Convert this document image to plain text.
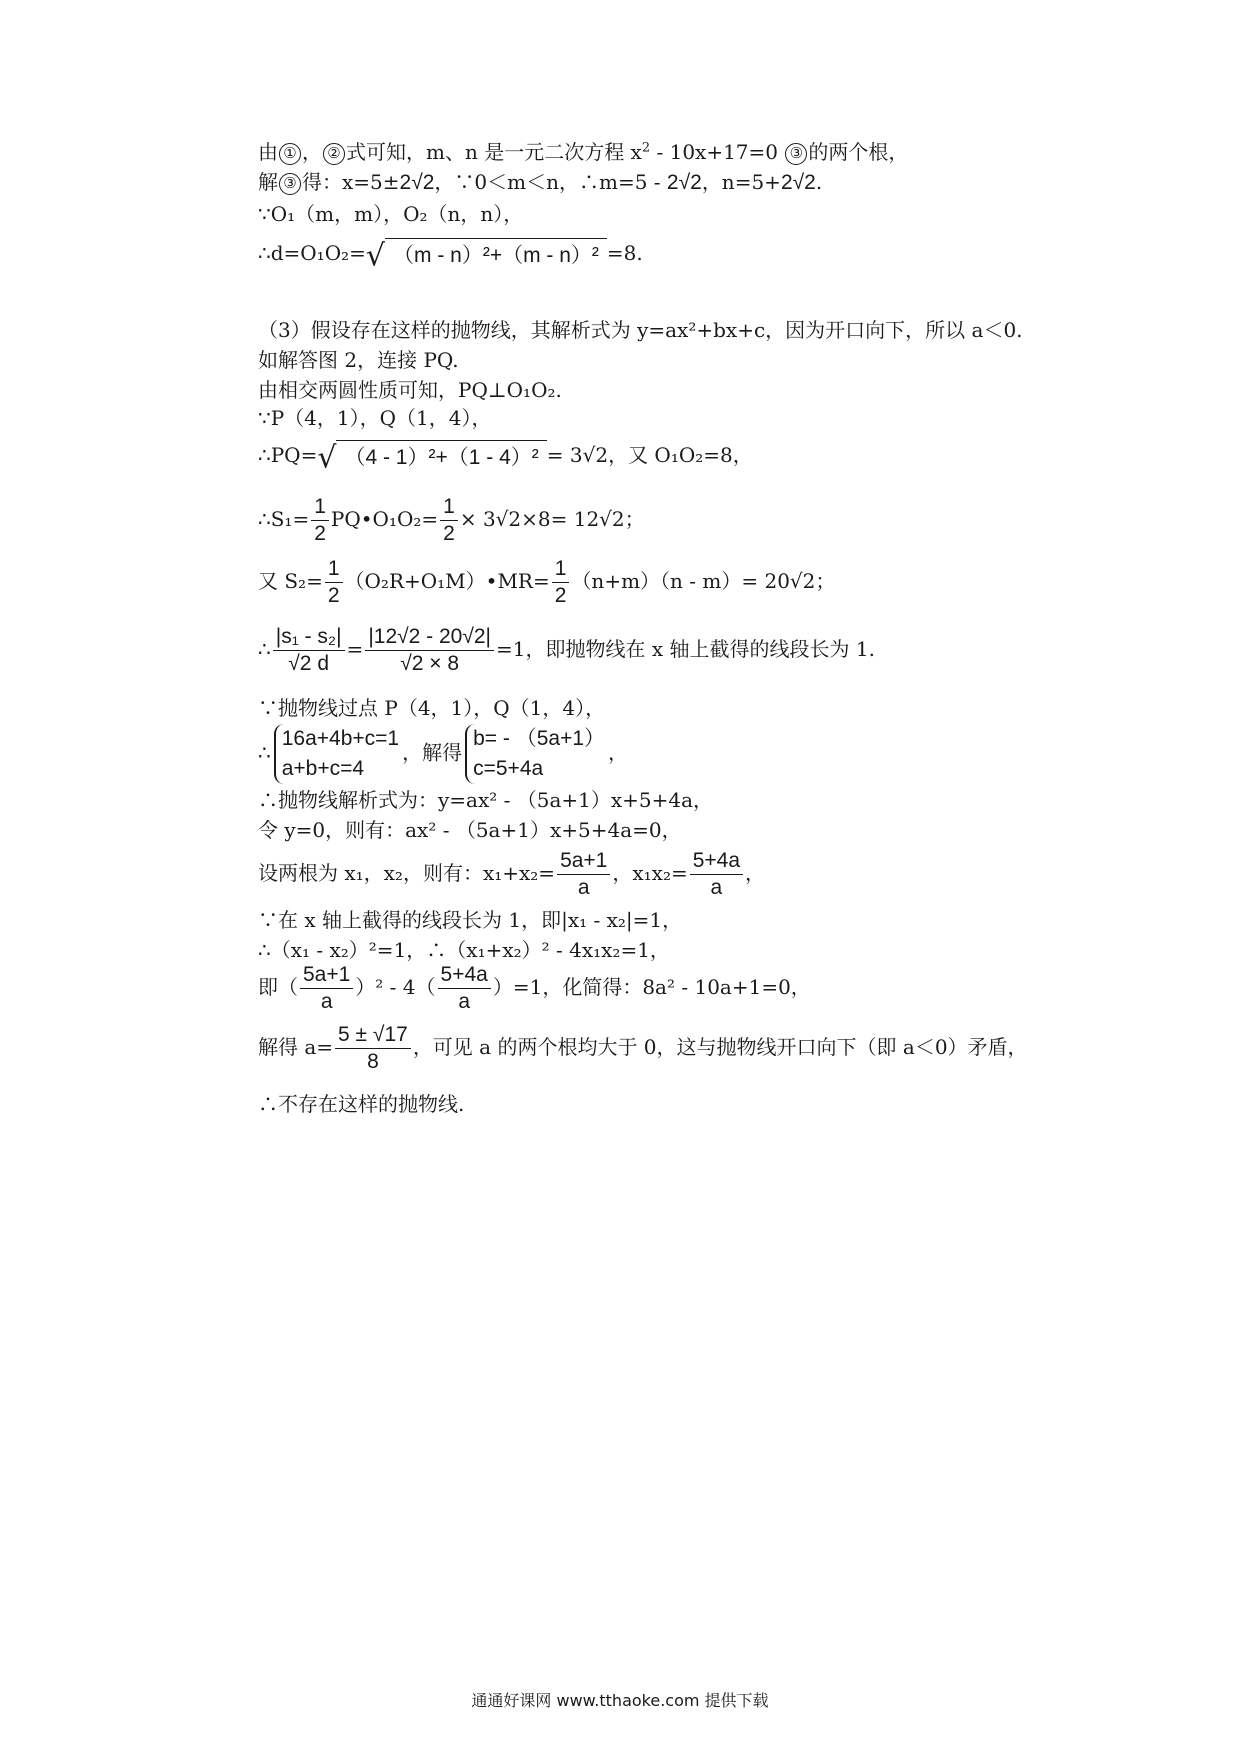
由 ① ， ② 式可知，m、n 是一元二次方程 $x^2 - 10x+17=0$ ③ 的两个根，
解 ③ 得：x=5±2√2，∵0＜m＜n，∴m=5 - 2√2，n=5+2√2.
∵O₁（m，m），O₂（n，n），
∴d=O₁O₂=√ （m - n）²+（m - n）² =8.
（3）假设存在这样的抛物线，其解析式为 y=ax²+bx+c，因为开口向下，所以 a＜0.
如解答图 2，连接 PQ.
由相交两圆性质可知，PQ⊥O₁O₂.
∵P（4，1），Q（1，4），
∴PQ=√ （4 - 1）²+（1 - 4）² = 3√2，又 O₁O₂=8，
∴S₁= $\frac{1}{2}$ PQ•O₁O₂= $\frac{1}{2} \times 3√2\times 8= 12√2$；
又 $S_2= \frac{1}{2}$ （O₂R+O₁M）•MR= $\frac{1}{2} (n+m)(n - m)= 20√2$；
∴ $\frac{\text{|s₁ - s₂|}}{√2 d} = \frac{|12√2 - 20√2|}{√2 \times 8} =1$，即抛物线在 x 轴上截得的线段长为 1.
∵抛物线过点 P（4，1），Q（1，4），
∴
16a+4b+c=1
a+b+c=4
，解得
b= - （5a+1）
c=5+4a
，
∴抛物线解析式为：y=ax² - （5a+1）x+5+4a，
令 y=0，则有：ax² - （5a+1）x+5+4a=0，
设两根为 x₁，x₂，则有：$x_1+x_2= \frac{5a+1}{a}$ ，$x_1x_2= \frac{5+4a}{a}$ ，
∵在 x 轴上截得的线段长为 1，即|x₁ - x₂|=1，
∴（x₁ - x₂）²=1，∴（x₁+x₂）² - 4x₁x₂=1，
即（ $\frac{5a+1}{a} )^2 - 4( \frac{5+4a}{a} )=1$，化简得：8a² - 10a+1=0，
解得 $a= \frac{5 \pm √17}{8}$ ，可见 a 的两个根均大于 0，这与抛物线开口向下（即 a＜0）矛盾，
∴不存在这样的抛物线.
通通好课网 www.tthaoke.com 提供下载
